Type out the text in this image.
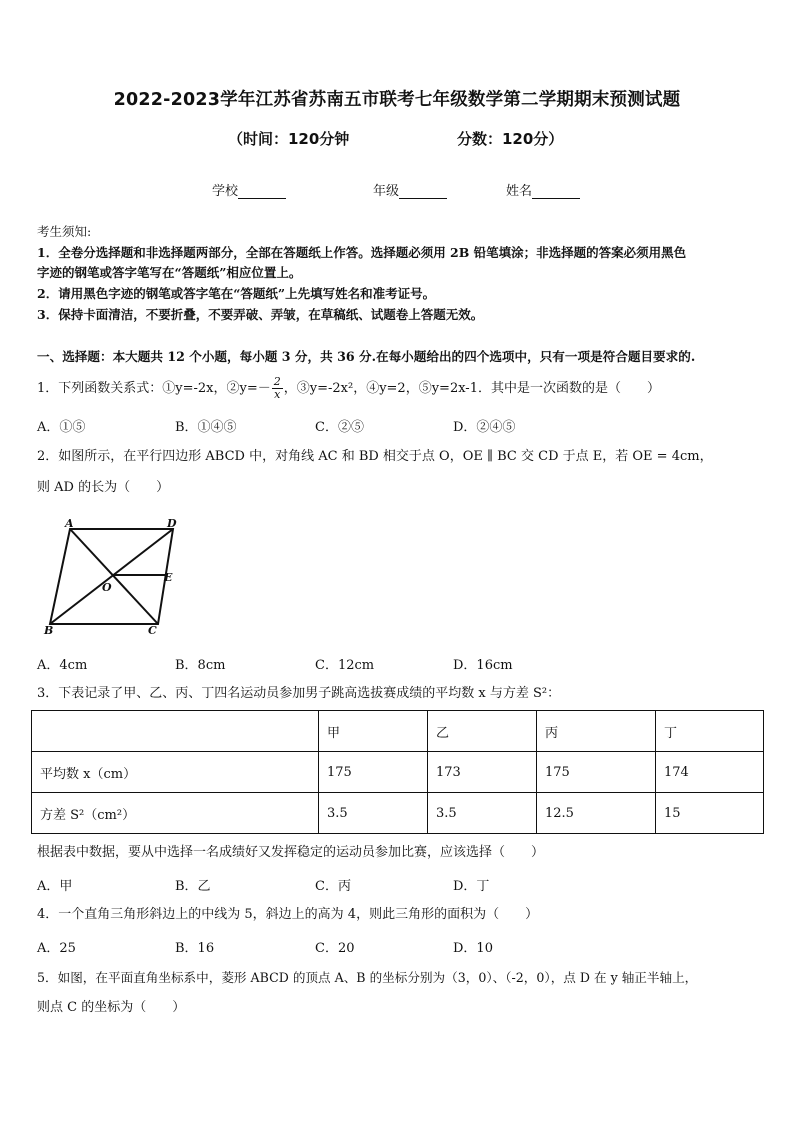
2022-2023学年江苏省苏南五市联考七年级数学第二学期期末预测试题
（时间：120分钟	分数：120分）
学校	年级	姓名
考生须知:
1．全卷分选择题和非选择题两部分，全部在答题纸上作答。选择题必须用 2B 铅笔填涂；非选择题的答案必须用黑色
字迹的钢笔或答字笔写在“答题纸”相应位置上。
2．请用黑色字迹的钢笔或答字笔在“答题纸”上先填写姓名和准考证号。
3．保持卡面清洁，不要折叠，不要弄破、弄皱，在草稿纸、试题卷上答题无效。
一、选择题：本大题共 12 个小题，每小题 3 分，共 36 分.在每小题给出的四个选项中，只有一项是符合题目要求的.
1．下列函数关系式：①y=-2x，②y=－ $\frac{2}{x}$ ，③y=-2x²，④y=2，⑤y=2x-1．其中是一次函数的是（　　）
A．①⑤	B．①④⑤	C．②⑤	D．②④⑤
2．如图所示，在平行四边形 ABCD 中，对角线 AC 和 BD 相交于点 O，OE ∥ BC 交 CD 于点 E，若 OE = 4cm，
则 AD 的长为（　　）
A	D
B	C
O
E
A．4cm	B．8cm	C．12cm	D．16cm
3．下表记录了甲、乙、丙、丁四名运动员参加男子跳高选拔赛成绩的平均数 x 与方差 S²：
	甲	乙	丙	丁
平均数 x（cm）	175	173	175	174
方差 S²（cm²）	3.5	3.5	12.5	15
根据表中数据，要从中选择一名成绩好又发挥稳定的运动员参加比赛，应该选择（　　）
A．甲	B．乙	C．丙	D．丁
4．一个直角三角形斜边上的中线为 5，斜边上的高为 4，则此三角形的面积为（　　）
A．25	B．16	C．20	D．10
5．如图，在平面直角坐标系中，菱形 ABCD 的顶点 A、B 的坐标分别为（3，0）、（-2，0），点 D 在 y 轴正半轴上，
则点 C 的坐标为（　　）
